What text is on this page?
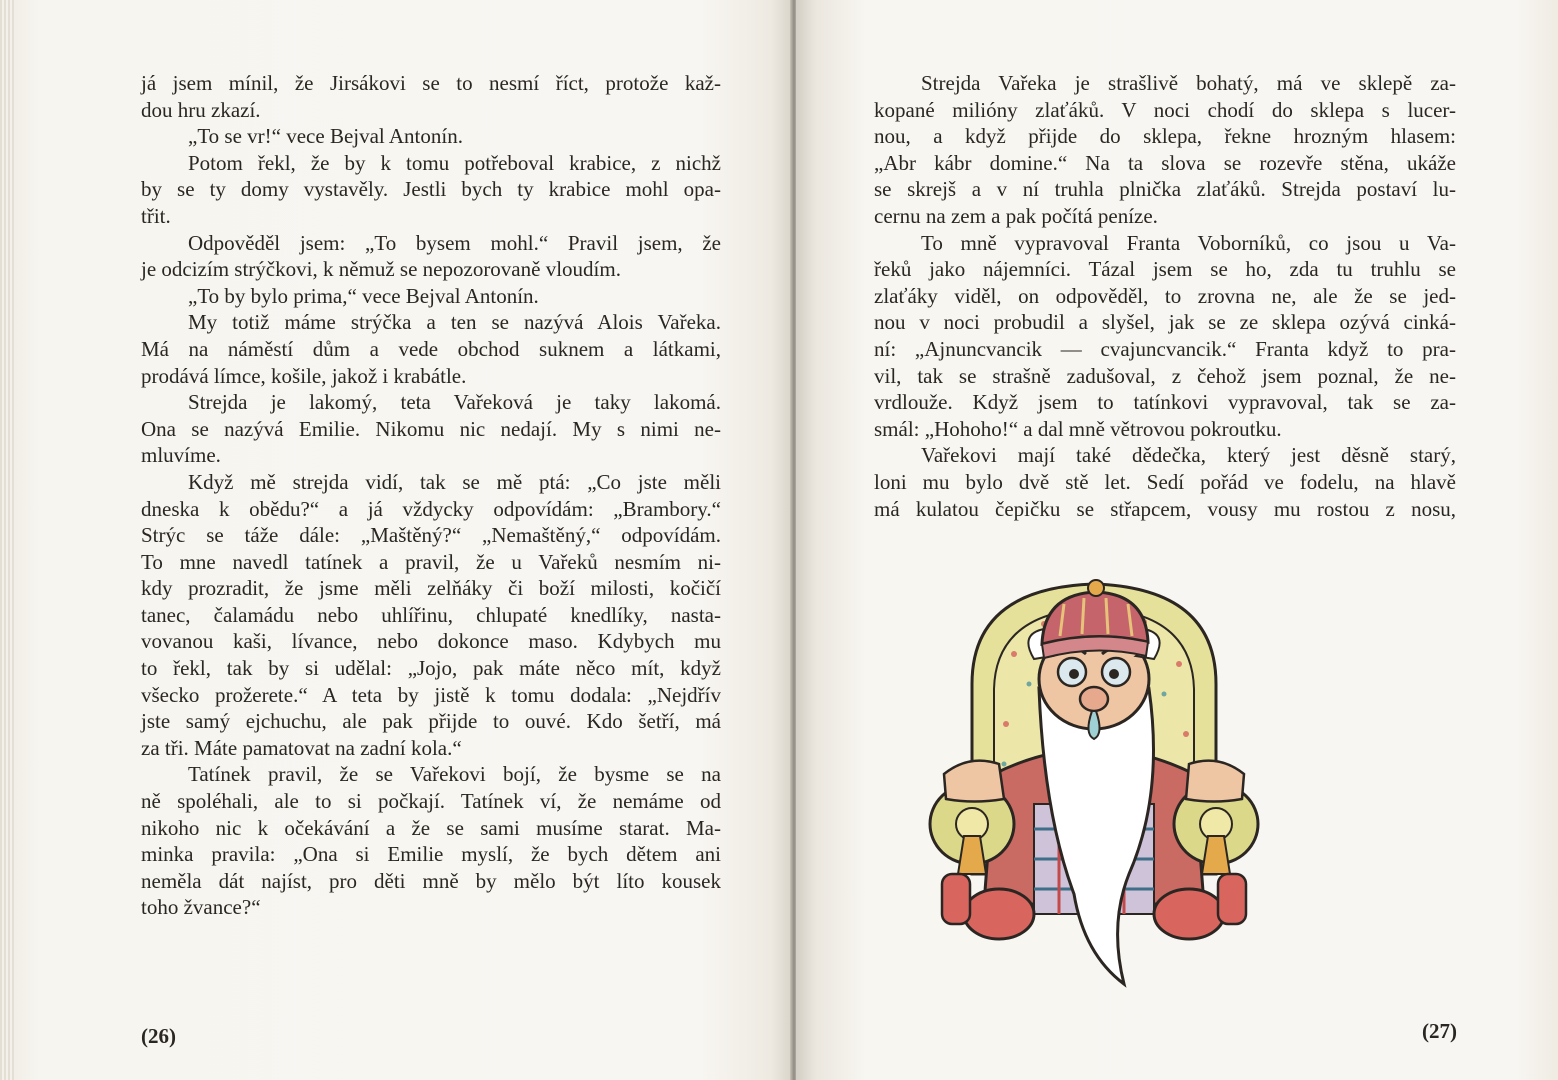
já jsem mínil, že Jirsákovi se to nesmí říct, protože kaž-
dou hru zkazí.
„To se vr!“ vece Bejval Antonín.
Potom řekl, že by k tomu potřeboval krabice, z nichž
by se ty domy vystavěly. Jestli bych ty krabice mohl opa-
třit.
Odpověděl jsem: „To bysem mohl.“ Pravil jsem, že
je odcizím strýčkovi, k němuž se nepozorovaně vloudím.
„To by bylo prima,“ vece Bejval Antonín.
My totiž máme strýčka a ten se nazývá Alois Vařeka.
Má na náměstí dům a vede obchod suknem a látkami,
prodává límce, košile, jakož i krabátle.
Strejda je lakomý, teta Vařeková je taky lakomá.
Ona se nazývá Emilie. Nikomu nic nedají. My s nimi ne-
mluvíme.
Když mě strejda vidí, tak se mě ptá: „Co jste měli
dneska k obědu?“ a já vždycky odpovídám: „Brambory.“
Strýc se táže dále: „Maštěný?“ „Nemaštěný,“ odpovídám.
To mne navedl tatínek a pravil, že u Vařeků nesmím ni-
kdy prozradit, že jsme měli zelňáky či boží milosti, kočičí
tanec, čalamádu nebo uhlířinu, chlupaté knedlíky, nasta-
vovanou kaši, lívance, nebo dokonce maso. Kdybych mu
to řekl, tak by si udělal: „Jojo, pak máte něco mít, když
všecko prožerete.“ A teta by jistě k tomu dodala: „Nejdřív
jste samý ejchuchu, ale pak přijde to ouvé. Kdo šetří, má
za tři. Máte pamatovat na zadní kola.“
Tatínek pravil, že se Vařekovi bojí, že bysme se na
ně spoléhali, ale to si počkají. Tatínek ví, že nemáme od
nikoho nic k očekávání a že se sami musíme starat. Ma-
minka pravila: „Ona si Emilie myslí, že bych dětem ani
neměla dát najíst, pro děti mně by mělo být líto kousek
toho žvance?“
(26)
Strejda Vařeka je strašlivě bohatý, má ve sklepě za-
kopané milióny zlaťáků. V noci chodí do sklepa s lucer-
nou, a když přijde do sklepa, řekne hrozným hlasem:
„Abr kábr domine.“ Na ta slova se rozevře stěna, ukáže
se skrejš a v ní truhla plnička zlaťáků. Strejda postaví lu-
cernu na zem a pak počítá peníze.
To mně vypravoval Franta Voborníků, co jsou u Va-
řeků jako nájemníci. Tázal jsem se ho, zda tu truhlu se
zlaťáky viděl, on odpověděl, to zrovna ne, ale že se jed-
nou v noci probudil a slyšel, jak se ze sklepa ozývá cinká-
ní: „Ajnuncvancik — cvajuncvancik.“ Franta když to pra-
vil, tak se strašně zadušoval, z čehož jsem poznal, že ne-
vrdlouže. Když jsem to tatínkovi vypravoval, tak se za-
smál: „Hohoho!“ a dal mně větrovou pokroutku.
Vařekovi mají také dědečka, který jest děsně starý,
loni mu bylo dvě stě let. Sedí pořád ve fodelu, na hlavě
má kulatou čepičku se střapcem, vousy mu rostou z nosu,
(27)
